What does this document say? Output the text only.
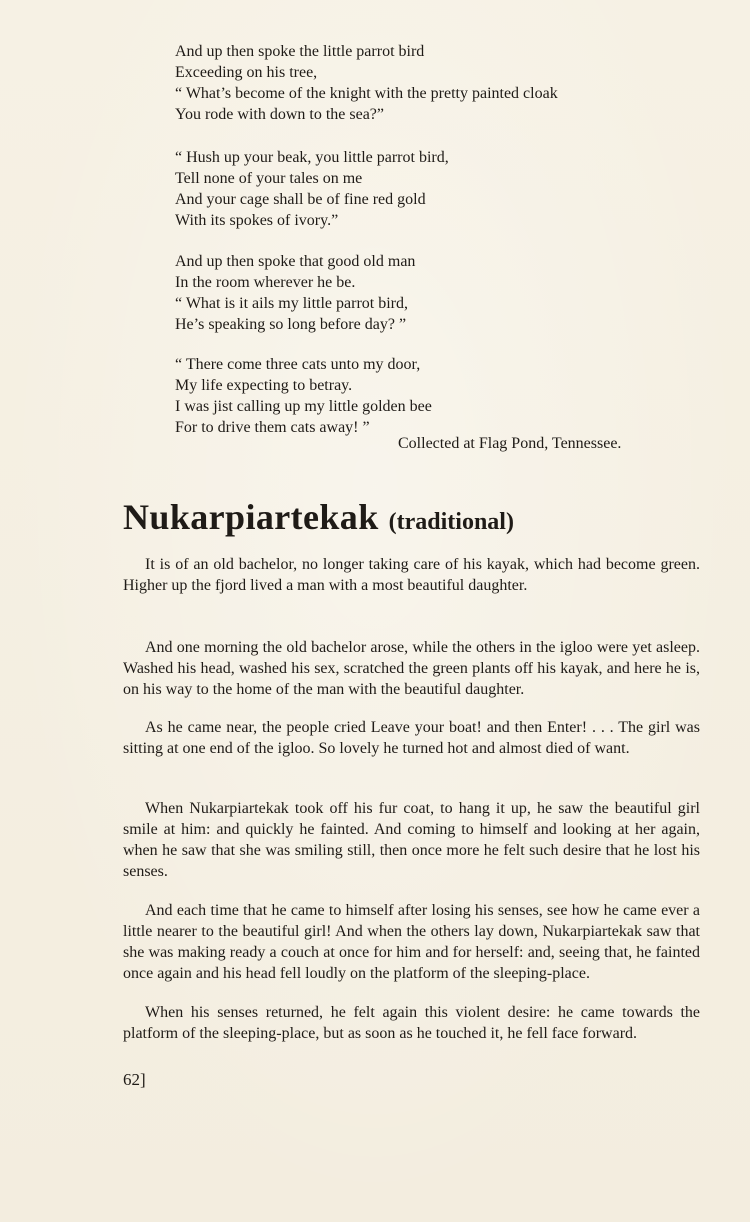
And up then spoke the little parrot bird
Exceeding on his tree,
“ What’s become of the knight with the pretty painted cloak
You rode with down to the sea?”

“ Hush up your beak, you little parrot bird,
Tell none of your tales on me
And your cage shall be of fine red gold
With its spokes of ivory.”

And up then spoke that good old man
In the room wherever he be.
“ What is it ails my little parrot bird,
He’s speaking so long before day? ”

“ There come three cats unto my door,
My life expecting to betray.
I was jist calling up my little golden bee
For to drive them cats away! ”

Collected at Flag Pond, Tennessee.
Nukarpiartekak (traditional)

It is of an old bachelor, no longer taking care of his kayak, which had become green. Higher up the fjord lived a man with a most beautiful daughter.

And one morning the old bachelor arose, while the others in the igloo were yet asleep. Washed his head, washed his sex, scratched the green plants off his kayak, and here he is, on his way to the home of the man with the beautiful daughter.

As he came near, the people cried Leave your boat! and then Enter! . . . The girl was sitting at one end of the igloo. So lovely he turned hot and almost died of want.

When Nukarpiartekak took off his fur coat, to hang it up, he saw the beautiful girl smile at him: and quickly he fainted. And coming to himself and looking at her again, when he saw that she was smiling still, then once more he felt such desire that he lost his senses.

And each time that he came to himself after losing his senses, see how he came ever a little nearer to the beautiful girl! And when the others lay down, Nukarpiartekak saw that she was making ready a couch at once for him and for herself: and, seeing that, he fainted once again and his head fell loudly on the platform of the sleeping-place.

When his senses returned, he felt again this violent desire: he came towards the platform of the sleeping-place, but as soon as he touched it, he fell face forward.

62]
